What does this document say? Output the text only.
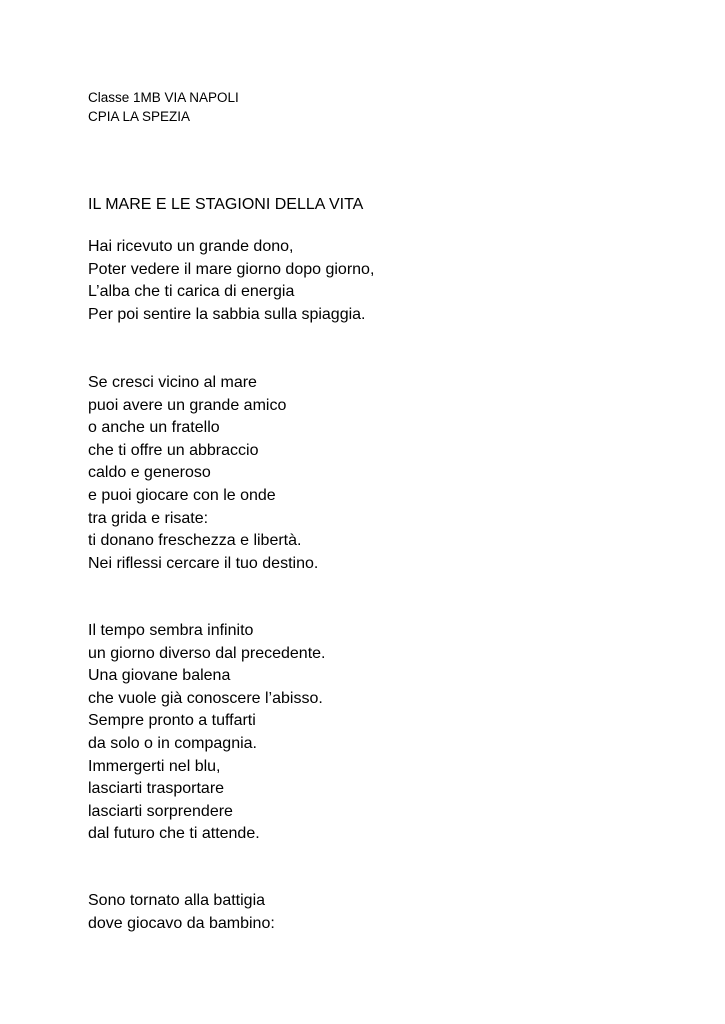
Classe 1MB VIA NAPOLI
CPIA LA SPEZIA
IL MARE E LE STAGIONI DELLA VITA
Hai ricevuto un grande dono,
Poter vedere il mare giorno dopo giorno,
L’alba che ti carica di energia
Per poi sentire la sabbia sulla spiaggia.
Se cresci vicino al mare
puoi avere un grande amico
o anche un fratello
che ti offre un abbraccio
caldo e generoso
e puoi giocare con le onde
tra grida e risate:
ti donano freschezza e libertà.
Nei riflessi cercare il tuo destino.
Il tempo sembra infinito
un giorno diverso dal precedente.
Una giovane balena
che vuole già conoscere l’abisso.
Sempre pronto a tuffarti
da solo o in compagnia.
Immergerti nel blu,
lasciarti trasportare
lasciarti sorprendere
dal futuro che ti attende.
Sono tornato alla battigia
dove giocavo da bambino:
